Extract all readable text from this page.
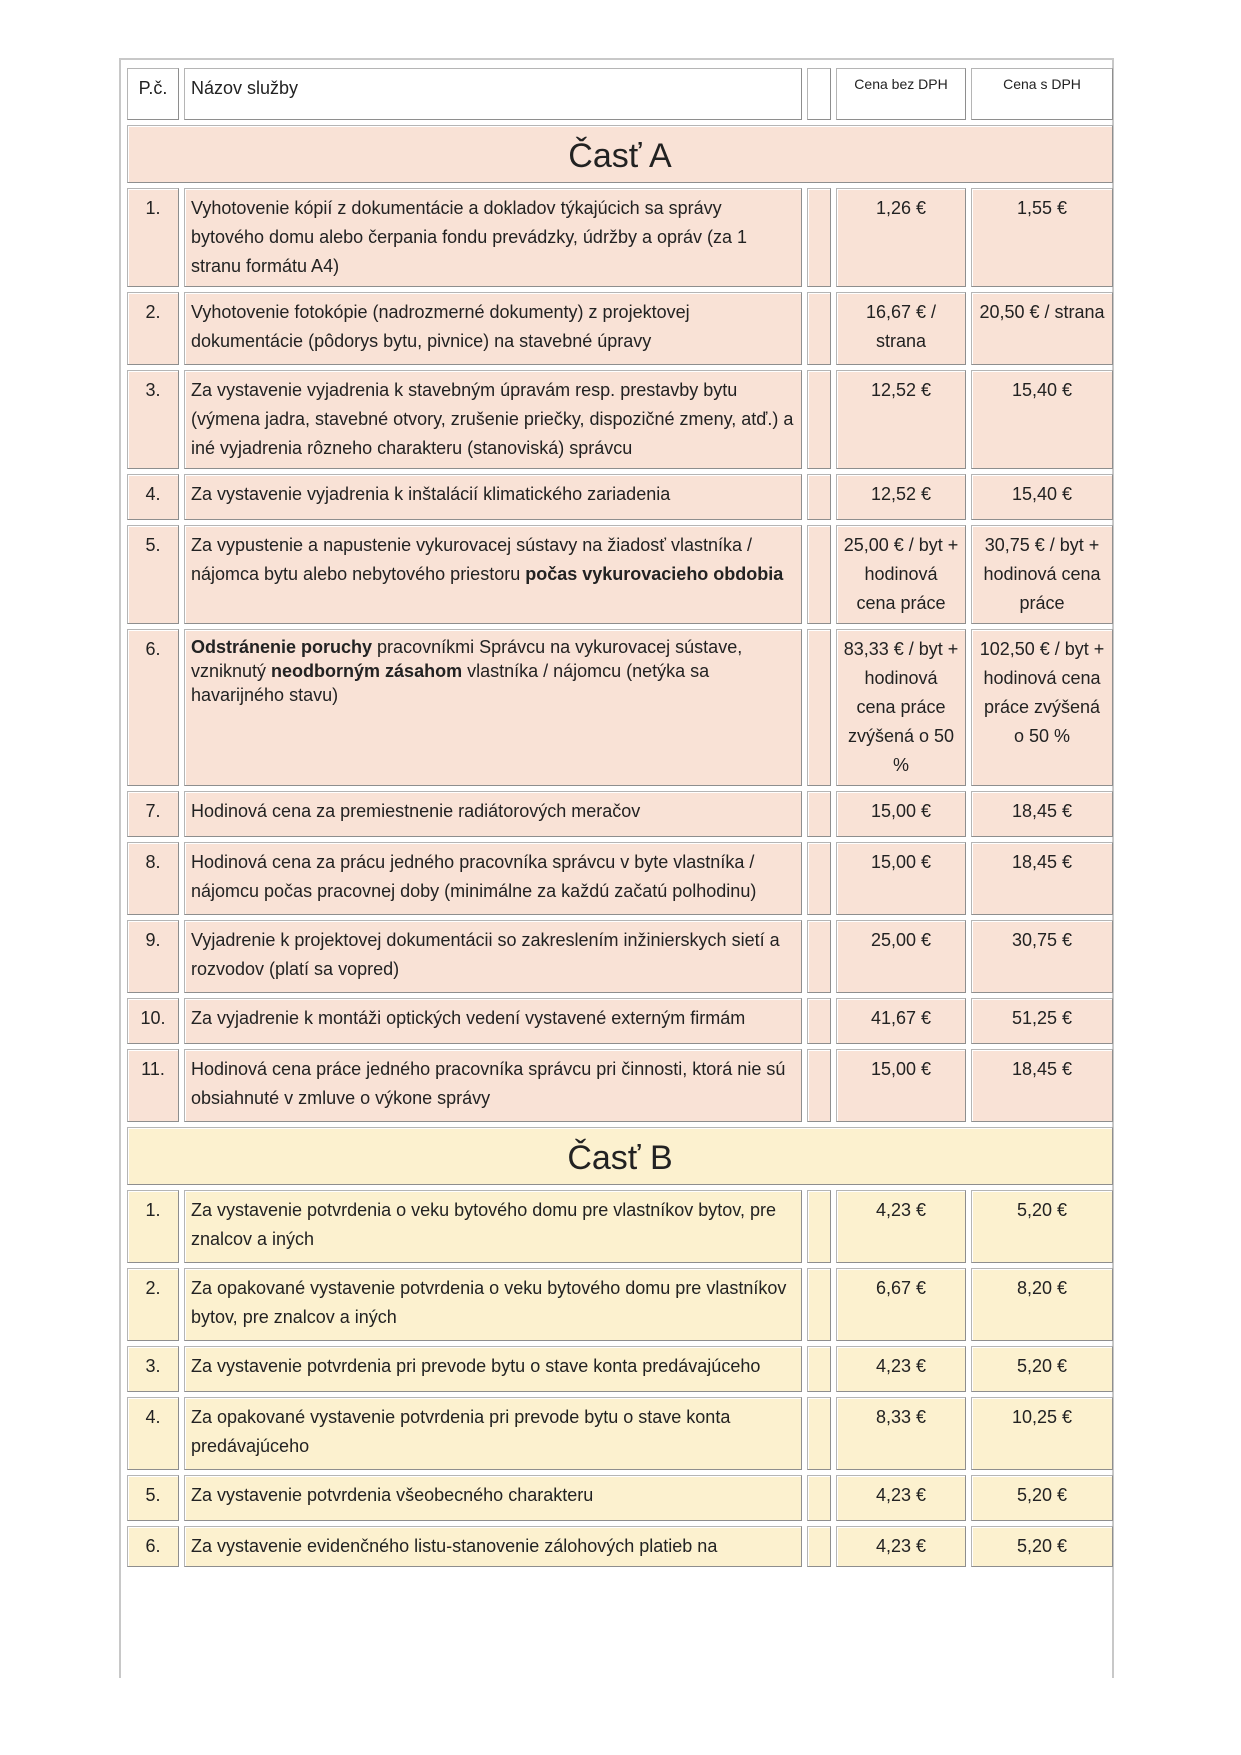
P.č.	Názov služby		Cena bez DPH	Cena s DPH
Časť A				
1.	Vyhotovenie kópií z dokumentácie a dokladov týkajúcich sa správy bytového domu alebo čerpania fondu prevádzky, údržby a opráv (za 1 stranu formátu A4)		1,26 €	1,55 €
2.	Vyhotovenie fotokópie (nadrozmerné dokumenty) z projektovej dokumentácie (pôdorys bytu, pivnice) na stavebné úpravy		16,67 € / strana	20,50 € / strana
3.	Za vystavenie vyjadrenia k stavebným úpravám resp. prestavby bytu (výmena jadra, stavebné otvory, zrušenie priečky, dispozičné zmeny, atď.) a iné vyjadrenia rôzneho charakteru (stanoviská) správcu		12,52 €	15,40 €
4.	Za vystavenie vyjadrenia k inštalácií klimatického zariadenia		12,52 €	15,40 €
5.	Za vypustenie a napustenie vykurovacej sústavy na žiadosť vlastníka / nájomca bytu alebo nebytového priestoru počas vykurovacieho obdobia		25,00 € / byt + hodinová cena práce	30,75 € / byt + hodinová cena práce
6.	Odstránenie poruchy pracovníkmi Správcu na vykurovacej sústave, vzniknutý neodborným zásahom vlastníka / nájomcu (netýka sa havarijného stavu)		83,33 € / byt + hodinová cena práce zvýšená o 50 %	102,50 € / byt + hodinová cena práce zvýšená o 50 %
7.	Hodinová cena za premiestnenie radiátorových meračov		15,00 €	18,45 €
8.	Hodinová cena za prácu jedného pracovníka správcu v byte vlastníka / nájomcu počas pracovnej doby (minimálne za každú začatú polhodinu)		15,00 €	18,45 €
9.	Vyjadrenie k projektovej dokumentácii so zakreslením inžinierskych sietí a rozvodov (platí sa vopred)		25,00 €	30,75 €
10.	Za vyjadrenie k montáži optických vedení vystavené externým firmám		41,67 €	51,25 €
11.	Hodinová cena práce jedného pracovníka správcu pri činnosti, ktorá nie sú obsiahnuté v zmluve o výkone správy		15,00 €	18,45 €
Časť B				
1.	Za vystavenie potvrdenia o veku bytového domu pre vlastníkov bytov, pre znalcov a iných		4,23 €	5,20 €
2.	Za opakované vystavenie potvrdenia o veku bytového domu pre vlastníkov bytov, pre znalcov a iných		6,67 €	8,20 €
3.	Za vystavenie potvrdenia pri prevode bytu o stave konta predávajúceho		4,23 €	5,20 €
4.	Za opakované vystavenie potvrdenia pri prevode bytu o stave konta predávajúceho		8,33 €	10,25 €
5.	Za vystavenie potvrdenia všeobecného charakteru		4,23 €	5,20 €
6.	Za vystavenie evidenčného listu-stanovenie zálohových platieb na		4,23 €	5,20 €
